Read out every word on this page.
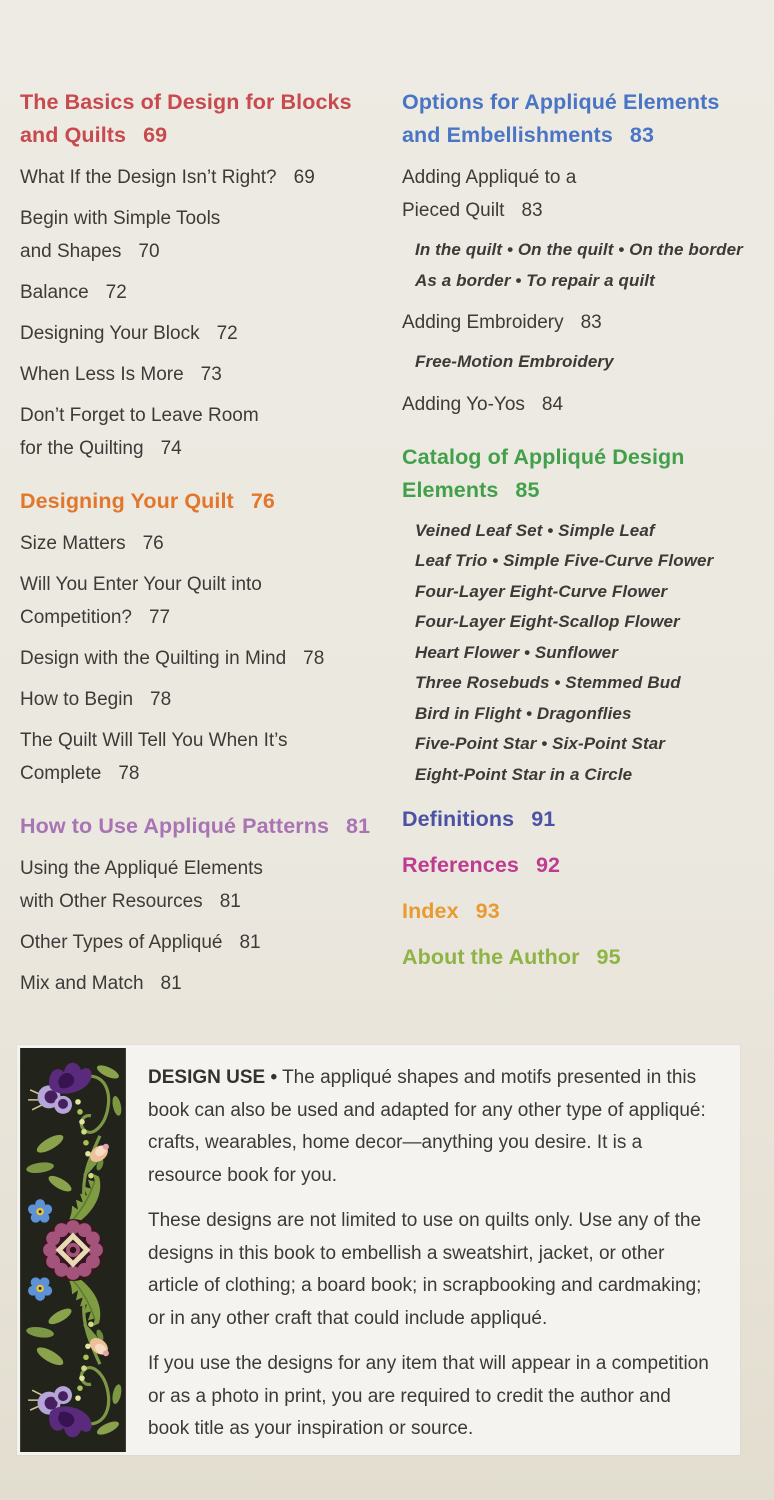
The Basics of Design for Blocks
and Quilts 69

What If the Design Isn’t Right? 69

Begin with Simple Tools
and Shapes 70

Balance 72

Designing Your Block 72

When Less Is More 73

Don’t Forget to Leave Room
for the Quilting 74

Designing Your Quilt 76

Size Matters 76

Will You Enter Your Quilt into
Competition? 77

Design with the Quilting in Mind 78

How to Begin 78

The Quilt Will Tell You When It’s
Complete 78

How to Use Appliqué Patterns 81

Using the Appliqué Elements
with Other Resources 81

Other Types of Appliqué 81

Mix and Match 81

Options for Appliqué Elements
and Embellishments 83

Adding Appliqué to a
Pieced Quilt 83

In the quilt • On the quilt • On the border
As a border • To repair a quilt

Adding Embroidery 83

Free-Motion Embroidery

Adding Yo-Yos 84

Catalog of Appliqué Design
Elements 85

Veined Leaf Set • Simple Leaf
Leaf Trio • Simple Five-Curve Flower
Four-Layer Eight-Curve Flower
Four-Layer Eight-Scallop Flower
Heart Flower • Sunflower
Three Rosebuds • Stemmed Bud
Bird in Flight • Dragonflies
Five-Point Star • Six-Point Star
Eight-Point Star in a Circle

Definitions 91
References 92
Index 93
About the Author 95

DESIGN USE • The appliqué shapes and motifs presented in this book can also be used and adapted for any other type of appliqué: crafts, wearables, home decor—anything you desire. It is a resource book for you.

These designs are not limited to use on quilts only. Use any of the designs in this book to embellish a sweatshirt, jacket, or other article of clothing; a board book; in scrapbooking and cardmaking; or in any other craft that could include appliqué.

If you use the designs for any item that will appear in a competition or as a photo in print, you are required to credit the author and book title as your inspiration or source.
